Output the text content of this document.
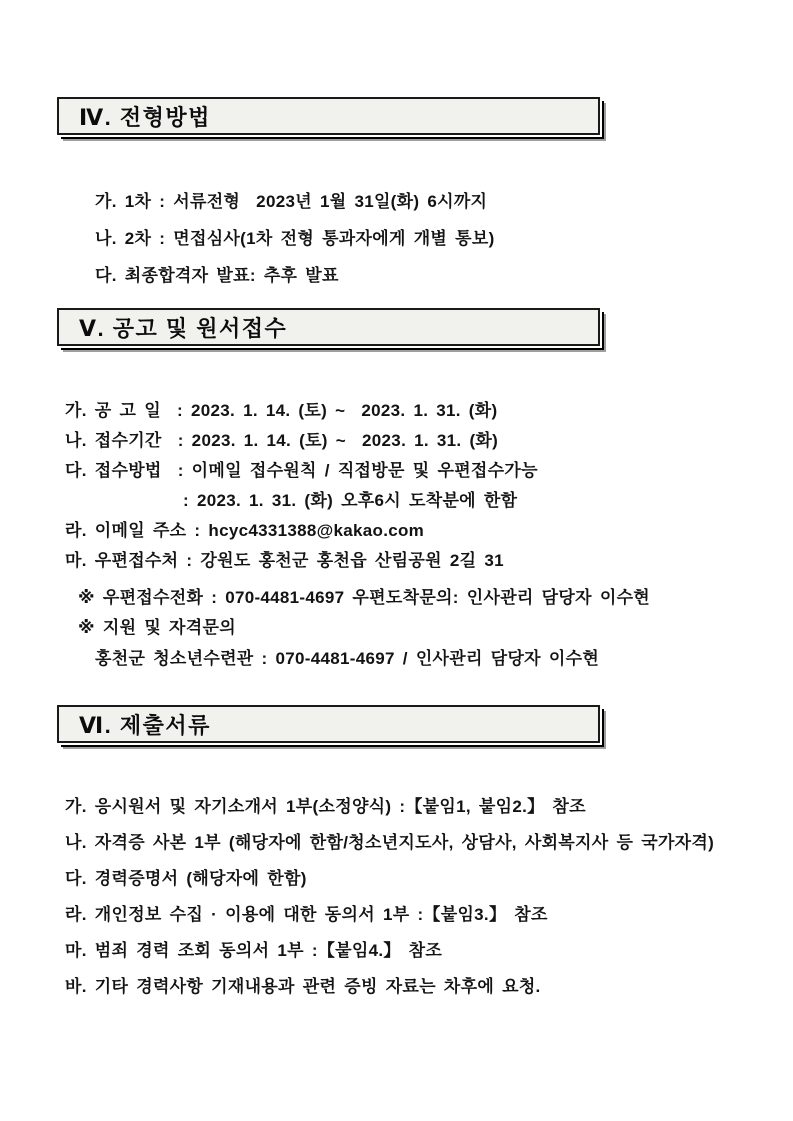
Ⅳ. 전형방법
가. 1차 : 서류전형  2023년 1월 31일(화) 6시까지
나. 2차 : 면접심사(1차 전형 통과자에게 개별 통보)
다. 최종합격자 발표: 추후 발표
Ⅴ. 공고 및 원서접수
가. 공 고 일  : 2023. 1. 14. (토) ~  2023. 1. 31. (화)
나. 접수기간  : 2023. 1. 14. (토) ~  2023. 1. 31. (화)
다. 접수방법  : 이메일 접수원칙 / 직접방문 및 우편접수가능
: 2023. 1. 31. (화) 오후6시 도착분에 한함
라. 이메일 주소 : hcyc4331388@kakao.com
마. 우편접수처 : 강원도 홍천군 홍천읍 산림공원 2길 31
※ 우편접수전화 : 070-4481-4697 우편도착문의: 인사관리 담당자 이수현
※ 지원 및 자격문의
홍천군 청소년수련관 : 070-4481-4697 / 인사관리 담당자 이수현
Ⅵ. 제출서류
가. 응시원서 및 자기소개서 1부(소정양식) :【붙임1, 붙임2.】 참조
나. 자격증 사본 1부 (해당자에 한함/청소년지도사, 상담사, 사회복지사 등 국가자격)
다. 경력증명서 (해당자에 한함)
라. 개인정보 수집 · 이용에 대한 동의서 1부 :【붙임3.】 참조
마. 범죄 경력 조회 동의서 1부 :【붙임4.】 참조
바. 기타 경력사항 기재내용과 관련 증빙 자료는 차후에 요청.
